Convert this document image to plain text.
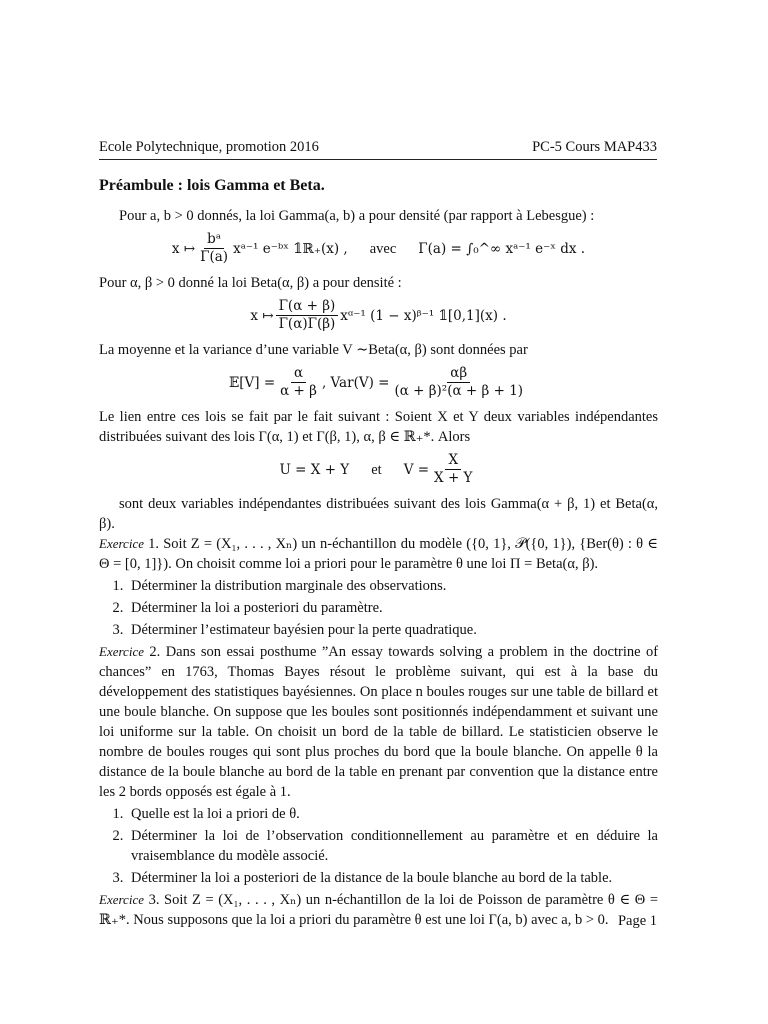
Ecole Polytechnique, promotion 2016	PC-5 Cours MAP433
Préambule : lois Gamma et Beta.

Pour a, b > 0 donnés, la loi Gamma(a, b) a pour densité (par rapport à Lebesgue) :

x ↦ $\frac{\text{bᵃ}}{\Gamma(a)}$ xᵃ⁻¹ e⁻ᵇˣ 𝟙ℝ₊(x) , avec Γ(a) =
∫₀^∞ xᵃ⁻¹ e⁻ˣ dx .

Pour α, β > 0 donné la loi Beta(α, β) a pour densité :

x ↦ $\frac{\Gamma(\alpha + \beta)}{\Gamma(\alpha)\Gamma(\beta)}$ xᵅ⁻¹ (1 − x)ᵝ⁻¹ 𝟙[0,1](x) .

La moyenne et la variance d’une variable V ∼Beta(α, β) sont données par

𝔼[V] = $\frac{\alpha}{\alpha + \beta}$ , $Var(V) = \frac{\alpha\beta}{\text{(α + β)²(α + β + 1)}}$

Le lien entre ces lois se fait par le fait suivant : Soient X et Y deux variables indépendantes distribuées suivant des lois Γ(α, 1) et Γ(β, 1), α, β ∈ ℝ₊*. Alors

U = X + Y et $V = \frac{X}{X + Y}$

sont deux variables indépendantes distribuées suivant des lois Gamma(α + β, 1) et Beta(α, β).

Exercice 1. Soit Z = (X₁, . . . , Xₙ) un n-échantillon du modèle ({0, 1}, 𝒫({0, 1}), {Ber(θ) : θ ∈ Θ = [0, 1]}). On choisit comme loi a priori pour le paramètre θ une loi Π = Beta(α, β).

1. Déterminer la distribution marginale des observations.
2. Déterminer la loi a posteriori du paramètre.
3. Déterminer l’estimateur bayésien pour la perte quadratique.

Exercice 2. Dans son essai posthume ”An essay towards solving a problem in the doctrine of chances” en 1763, Thomas Bayes résout le problème suivant, qui est à la base du développement des statistiques bayésiennes. On place n boules rouges sur une table de billard et une boule blanche. On suppose que les boules sont positionnés indépendamment et suivant une loi uniforme sur la table. On choisit un bord de la table de billard. Le statisticien observe le nombre de boules rouges qui sont plus proches du bord que la boule blanche. On appelle θ la distance de la boule blanche au bord de la table en prenant par convention que la distance entre les 2 bords opposés est égale à 1.

1. Quelle est la loi a priori de θ.
2. Déterminer la loi de l’observation conditionnellement au paramètre et en déduire la vraisemblance du modèle associé.
3. Déterminer la loi a posteriori de la distance de la boule blanche au bord de la table.

Exercice 3. Soit Z = (X₁, . . . , Xₙ) un n-échantillon de la loi de Poisson de paramètre θ ∈ Θ = ℝ₊*. Nous supposons que la loi a priori du paramètre θ est une loi Γ(a, b) avec a, b > 0. Page 1
